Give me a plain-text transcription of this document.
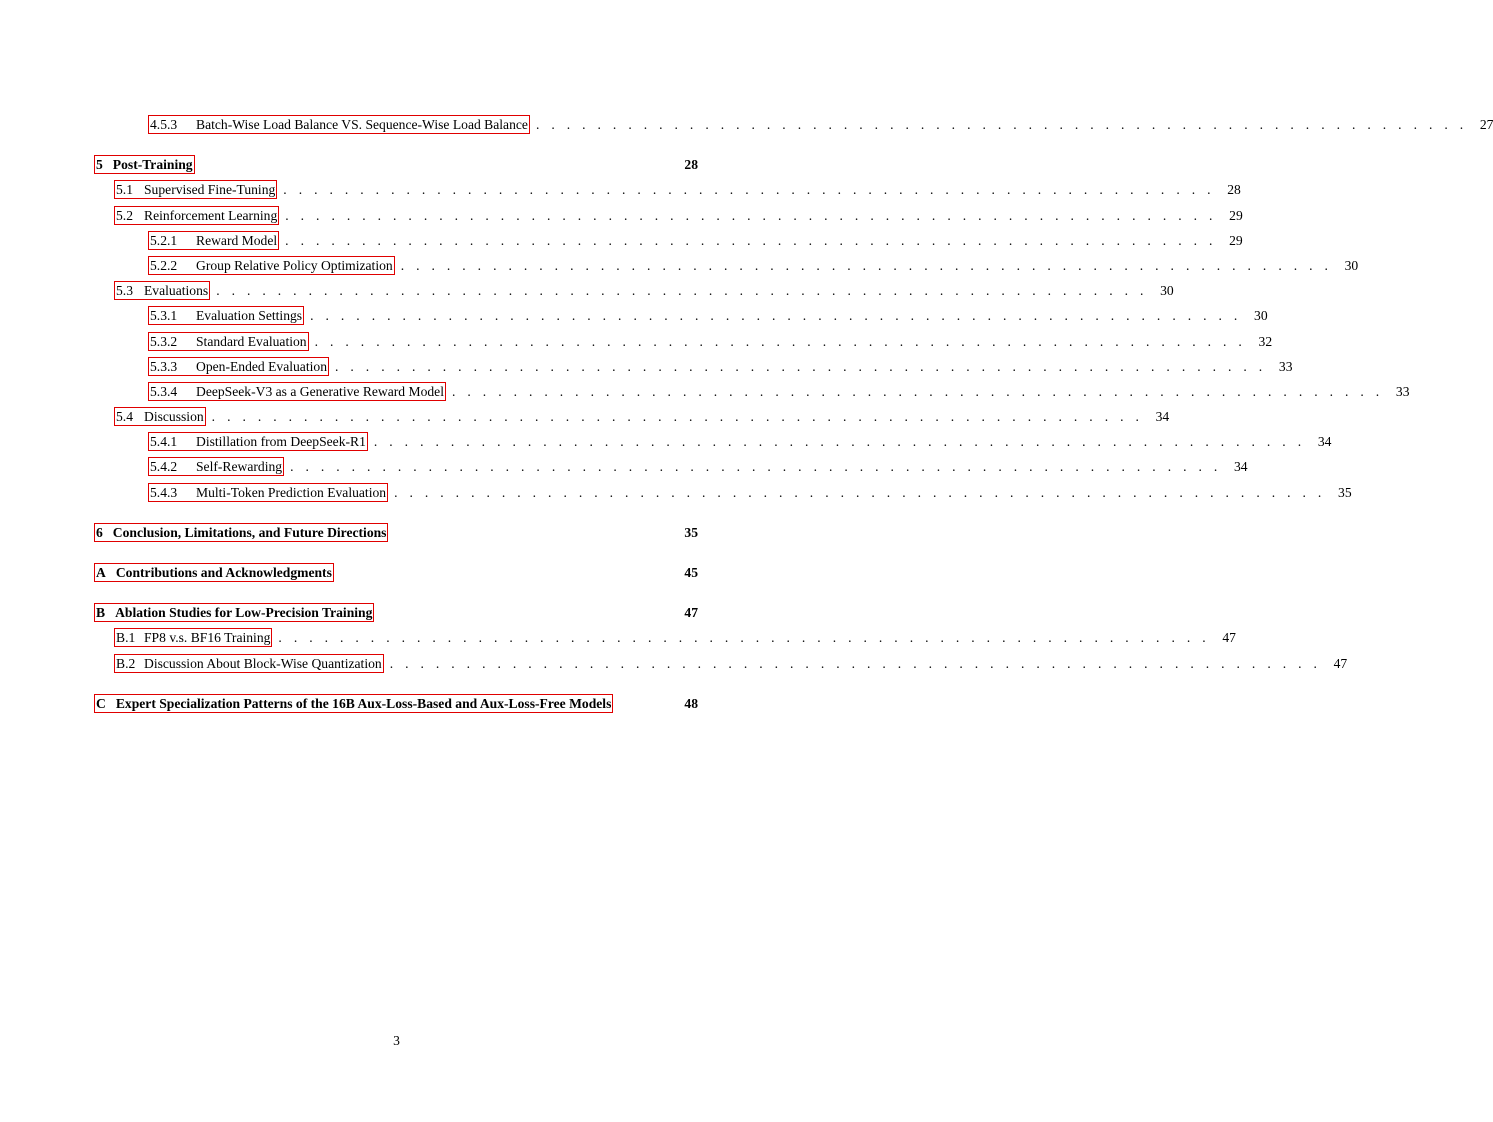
4.5.3	Batch-Wise Load Balance VS. Sequence-Wise Load Balance . . . . . . . . . . . . . . . . . . . . . . . . . . . . . . . . . . . . . . . . . . . . . . . . . . . . . . . . . . . . . 27
5 Post-Training	28
5.1 Supervised Fine-Tuning . . . . . . . . . . . . . . . . . . . . . . . . . . . . . . . . . . . . . . . . . . . . . . . . . . . . . . . . . . . . . 28
5.2 Reinforcement Learning . . . . . . . . . . . . . . . . . . . . . . . . . . . . . . . . . . . . . . . . . . . . . . . . . . . . . . . . . . . . . 29
5.2.1	Reward Model . . . . . . . . . . . . . . . . . . . . . . . . . . . . . . . . . . . . . . . . . . . . . . . . . . . . . . . . . . . . . 29
5.2.2	Group Relative Policy Optimization . . . . . . . . . . . . . . . . . . . . . . . . . . . . . . . . . . . . . . . . . . . . . . . . . . . . . . . . . . . . . 30
5.3 Evaluations . . . . . . . . . . . . . . . . . . . . . . . . . . . . . . . . . . . . . . . . . . . . . . . . . . . . . . . . . . . . . 30
5.3.1	Evaluation Settings . . . . . . . . . . . . . . . . . . . . . . . . . . . . . . . . . . . . . . . . . . . . . . . . . . . . . . . . . . . . . 30
5.3.2	Standard Evaluation . . . . . . . . . . . . . . . . . . . . . . . . . . . . . . . . . . . . . . . . . . . . . . . . . . . . . . . . . . . . . 32
5.3.3	Open-Ended Evaluation . . . . . . . . . . . . . . . . . . . . . . . . . . . . . . . . . . . . . . . . . . . . . . . . . . . . . . . . . . . . . 33
5.3.4	DeepSeek-V3 as a Generative Reward Model . . . . . . . . . . . . . . . . . . . . . . . . . . . . . . . . . . . . . . . . . . . . . . . . . . . . . . . . . . . . . 33
5.4 Discussion . . . . . . . . . . . . . . . . . . . . . . . . . . . . . . . . . . . . . . . . . . . . . . . . . . . . . . . . . . . . . 34
5.4.1	Distillation from DeepSeek-R1 . . . . . . . . . . . . . . . . . . . . . . . . . . . . . . . . . . . . . . . . . . . . . . . . . . . . . . . . . . . . . 34
5.4.2	Self-Rewarding . . . . . . . . . . . . . . . . . . . . . . . . . . . . . . . . . . . . . . . . . . . . . . . . . . . . . . . . . . . . . 34
5.4.3	Multi-Token Prediction Evaluation . . . . . . . . . . . . . . . . . . . . . . . . . . . . . . . . . . . . . . . . . . . . . . . . . . . . . . . . . . . . . 35
6 Conclusion, Limitations, and Future Directions	35
A Contributions and Acknowledgments	45
B Ablation Studies for Low-Precision Training	47
B.1 FP8 v.s. BF16 Training . . . . . . . . . . . . . . . . . . . . . . . . . . . . . . . . . . . . . . . . . . . . . . . . . . . . . . . . . . . . . 47
B.2 Discussion About Block-Wise Quantization . . . . . . . . . . . . . . . . . . . . . . . . . . . . . . . . . . . . . . . . . . . . . . . . . . . . . . . . . . . . . 47
C Expert Specialization Patterns of the 16B Aux-Loss-Based and Aux-Loss-Free Models	48
3
